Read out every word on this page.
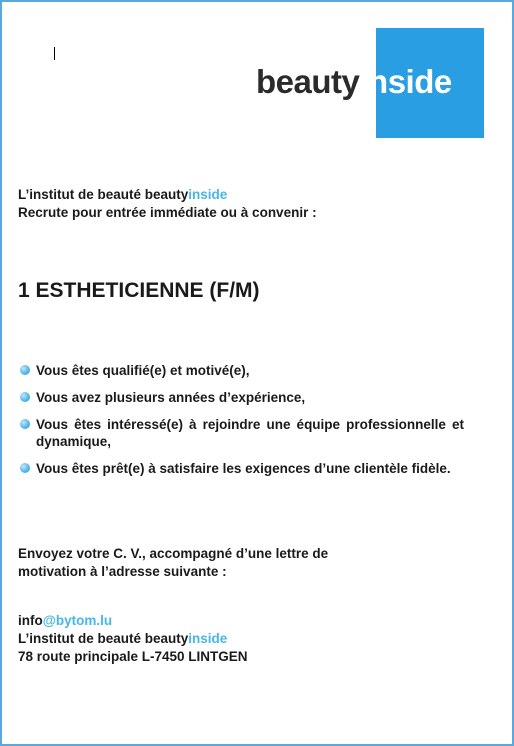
beautyinside
L’institut de beauté beautyinside
Recrute pour entrée immédiate ou à convenir :
1 ESTHETICIENNE (F/M)
Vous êtes qualifié(e) et motivé(e),
Vous avez plusieurs années d’expérience,
Vous êtes intéressé(e) à rejoindre une équipe professionnelle et dynamique,
Vous êtes prêt(e) à satisfaire les exigences d’une clientèle fidèle.
Envoyez votre C. V., accompagné d’une lettre de
motivation à l’adresse suivante :
info@bytom.lu
L’institut de beauté beautyinside
78 route principale L-7450 LINTGEN
